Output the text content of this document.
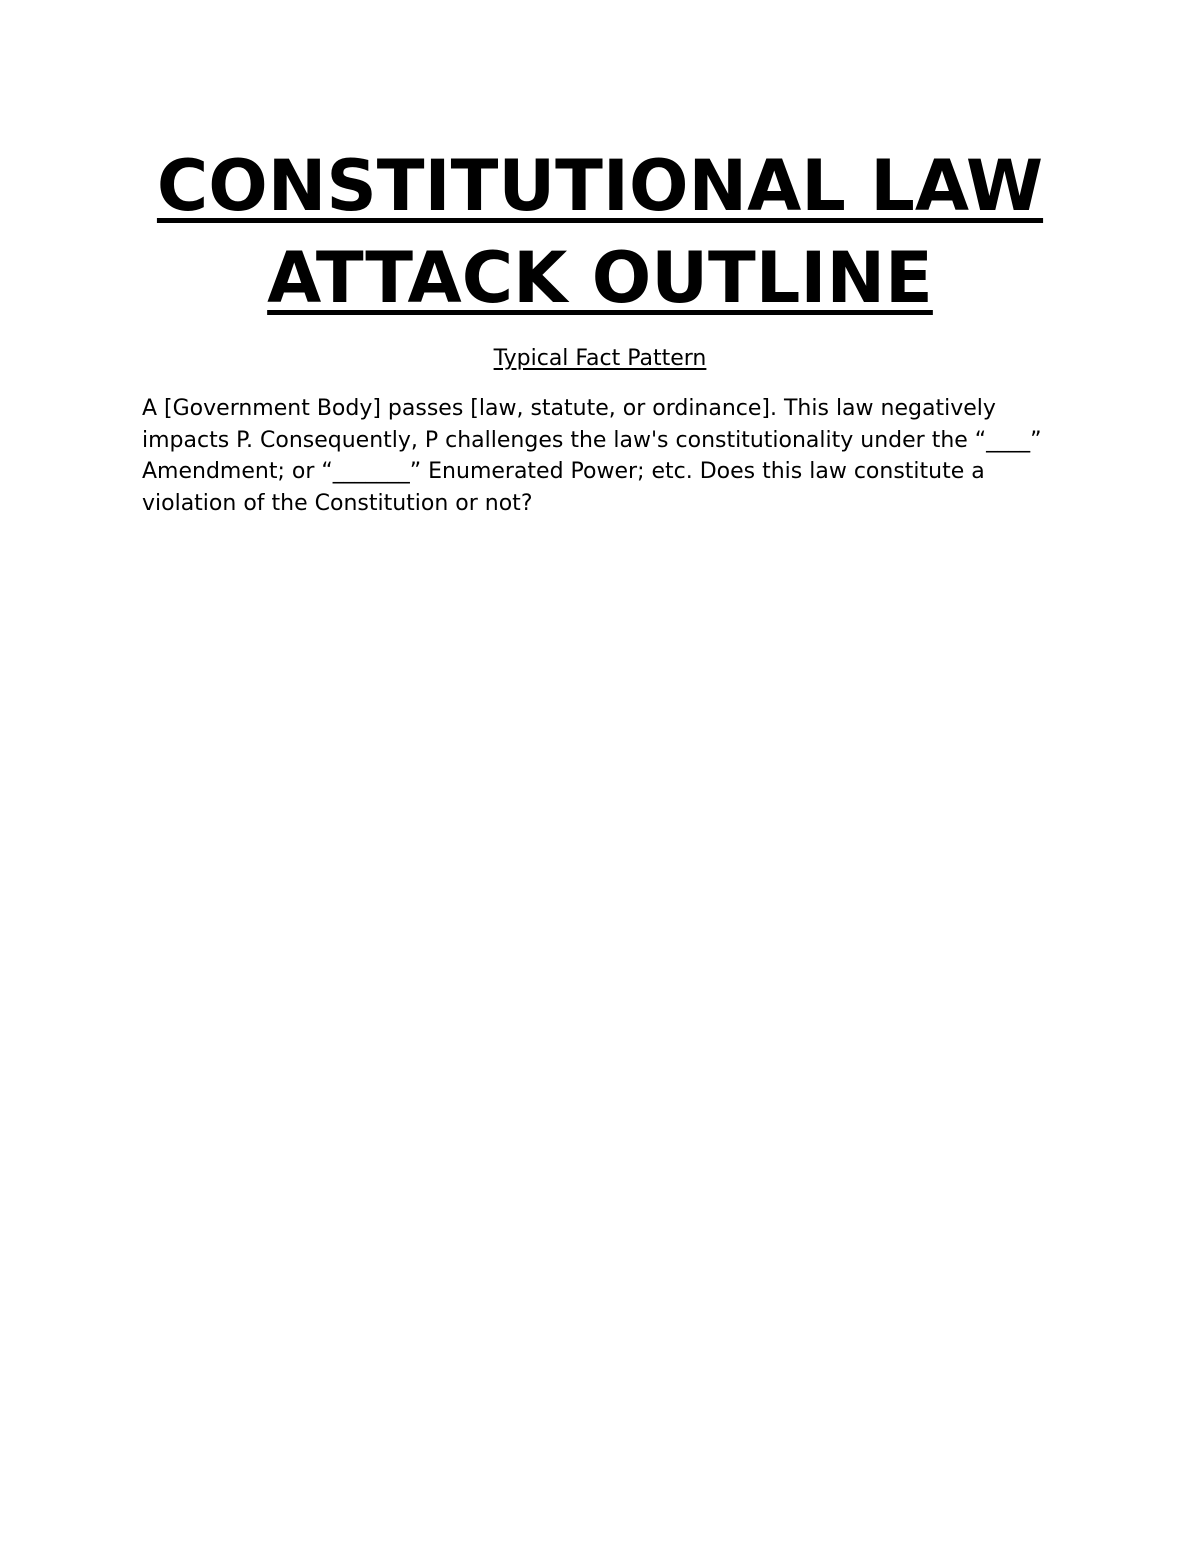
CONSTITUTIONAL LAW
ATTACK OUTLINE

Typical Fact Pattern

A [Government Body] passes [law, statute, or ordinance]. This law negatively impacts P. Consequently, P challenges the law's constitutionality under the “____” Amendment; or “_______” Enumerated Power; etc. Does this law constitute a violation of the Constitution or not?
